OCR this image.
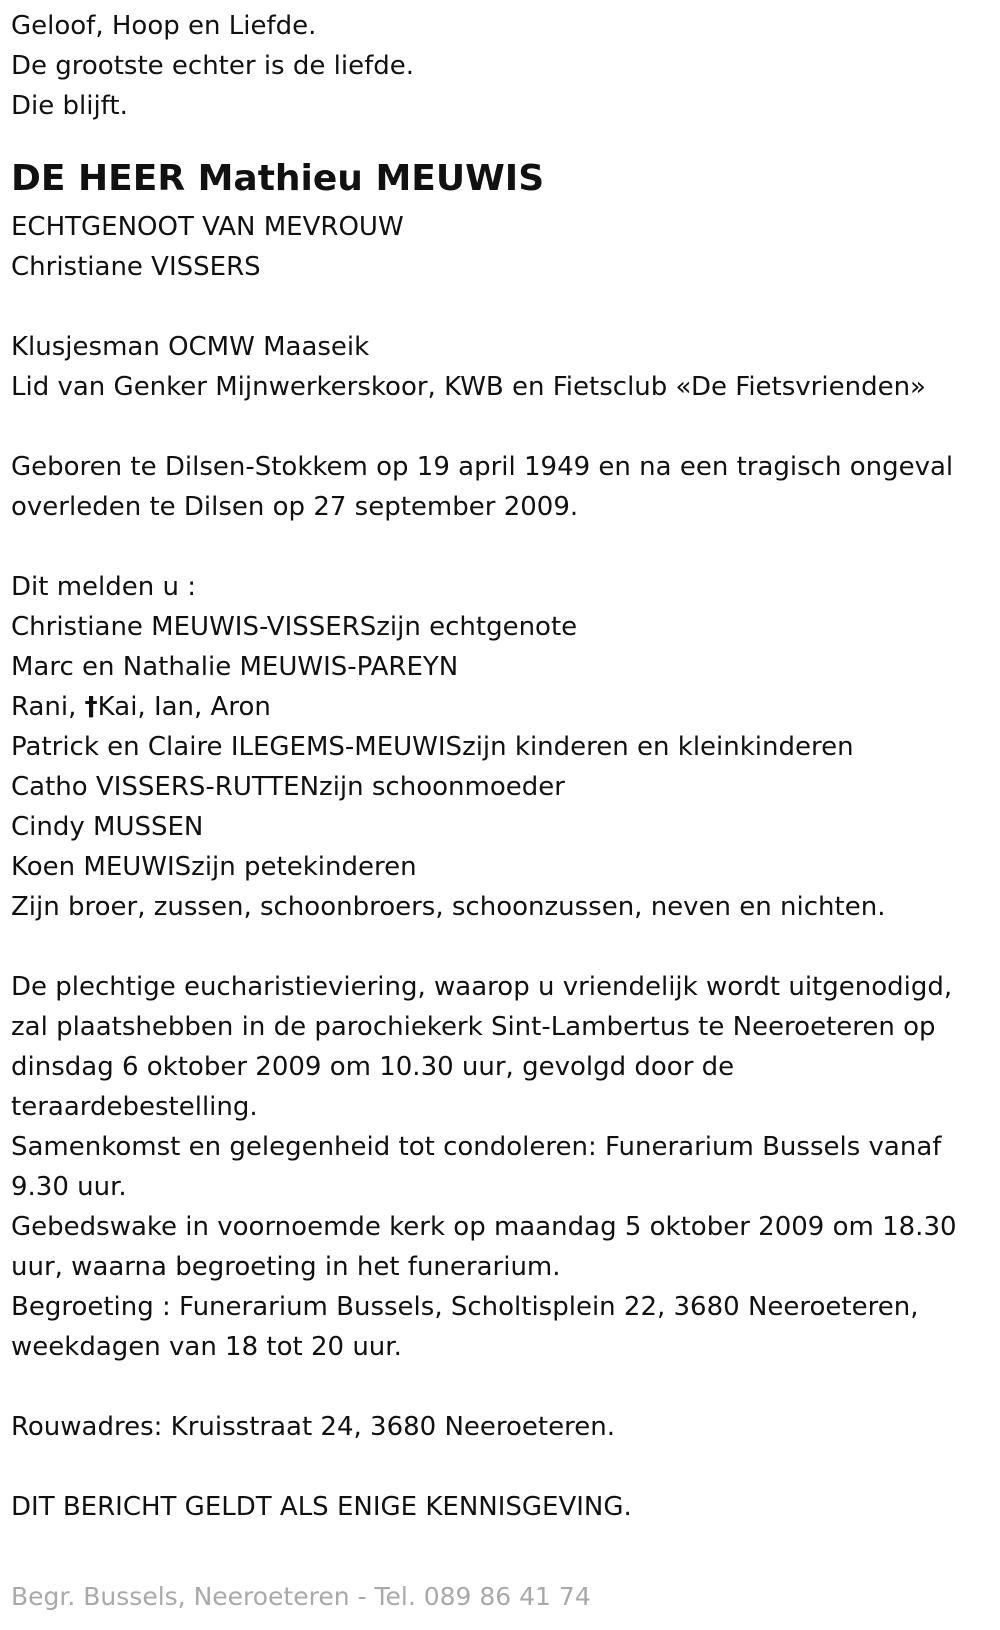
Geloof, Hoop en Liefde.

De grootste echter is de liefde.

Die blijft.

DE HEER Mathieu MEUWIS

ECHTGENOOT VAN MEVROUW

Christiane VISSERS

Klusjesman OCMW Maaseik

Lid van Genker Mijnwerkerskoor, KWB en Fietsclub «De Fietsvrienden»

Geboren te Dilsen-Stokkem op 19 april 1949 en na een tragisch ongeval overleden te Dilsen op 27 september 2009.

Dit melden u :

Christiane MEUWIS-VISSERSzijn echtgenote

Marc en Nathalie MEUWIS-PAREYN

Rani, †Kai, Ian, Aron

Patrick en Claire ILEGEMS-MEUWISzijn kinderen en kleinkinderen

Catho VISSERS-RUTTENzijn schoonmoeder

Cindy MUSSEN

Koen MEUWISzijn petekinderen

Zijn broer, zussen, schoonbroers, schoonzussen, neven en nichten.

De plechtige eucharistieviering, waarop u vriendelijk wordt uitgenodigd, zal plaatshebben in de parochiekerk Sint-Lambertus te Neeroeteren op dinsdag 6 oktober 2009 om 10.30 uur, gevolgd door de teraardebestelling.

Samenkomst en gelegenheid tot condoleren: Funerarium Bussels vanaf 9.30 uur.

Gebedswake in voornoemde kerk op maandag 5 oktober 2009 om 18.30 uur, waarna begroeting in het funerarium.

Begroeting : Funerarium Bussels, Scholtisplein 22, 3680 Neeroeteren, weekdagen van 18 tot 20 uur.

Rouwadres: Kruisstraat 24, 3680 Neeroeteren.

DIT BERICHT GELDT ALS ENIGE KENNISGEVING.

Begr. Bussels, Neeroeteren - Tel. 089 86 41 74
